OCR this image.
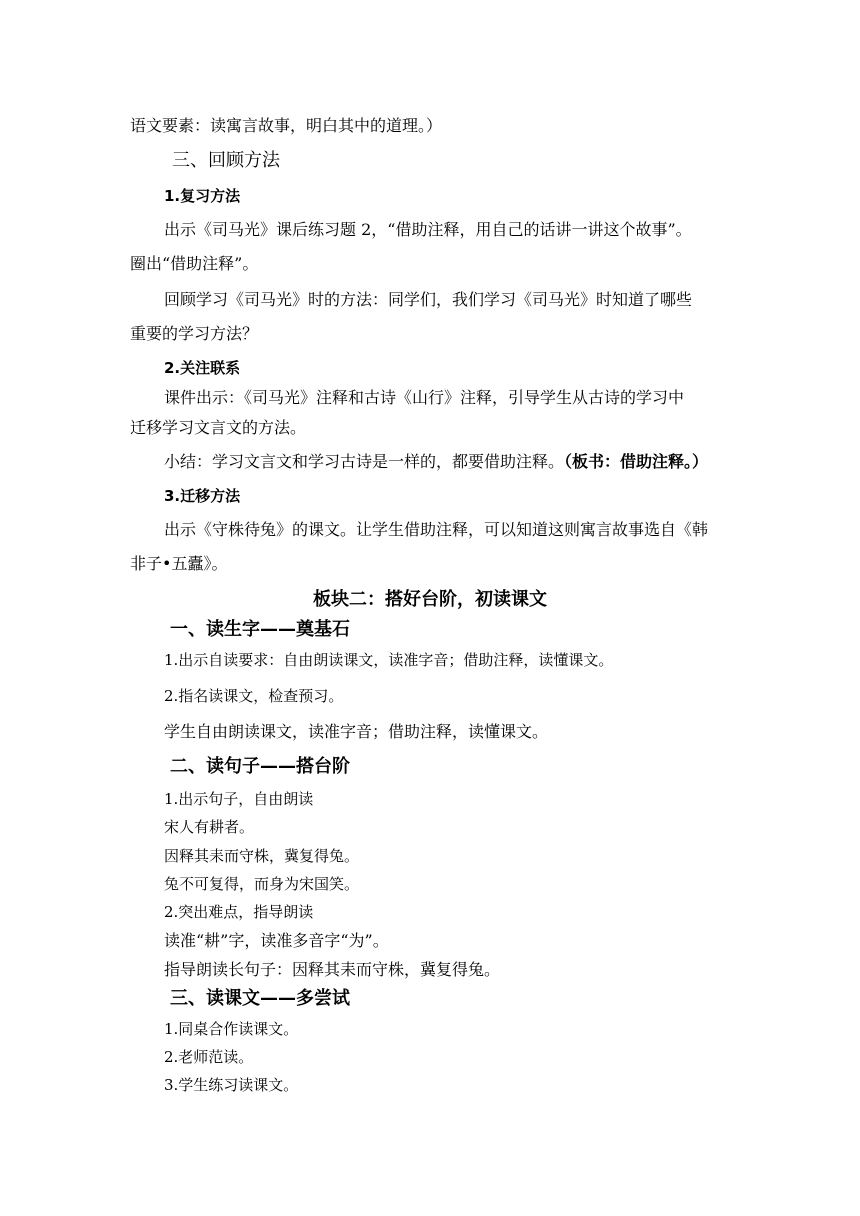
语文要素：读寓言故事，明白其中的道理。）
三、回顾方法
1.复习方法
出示《司马光》课后练习题 2，“借助注释，用自己的话讲一讲这个故事”。
圈出“借助注释”。
回顾学习《司马光》时的方法：同学们，我们学习《司马光》时知道了哪些
重要的学习方法？
2.关注联系
课件出示：《司马光》注释和古诗《山行》注释，引导学生从古诗的学习中
迁移学习文言文的方法。
小结：学习文言文和学习古诗是一样的，都要借助注释。（板书：借助注释。）
3.迁移方法
出示《守株待兔》的课文。让学生借助注释，可以知道这则寓言故事选自《韩
非子•五蠹》。
板块二：搭好台阶，初读课文
一、读生字——奠基石
1.出示自读要求：自由朗读课文，读准字音；借助注释，读懂课文。
2.指名读课文，检查预习。
学生自由朗读课文，读准字音；借助注释，读懂课文。
二、读句子——搭台阶
1.出示句子，自由朗读
宋人有耕者。
因释其耒而守株，冀复得兔。
兔不可复得，而身为宋国笑。
2.突出难点，指导朗读
读准“耕”字，读准多音字“为”。
指导朗读长句子：因释其耒而守株，冀复得兔。
三、读课文——多尝试
1.同桌合作读课文。
2.老师范读。
3.学生练习读课文。
